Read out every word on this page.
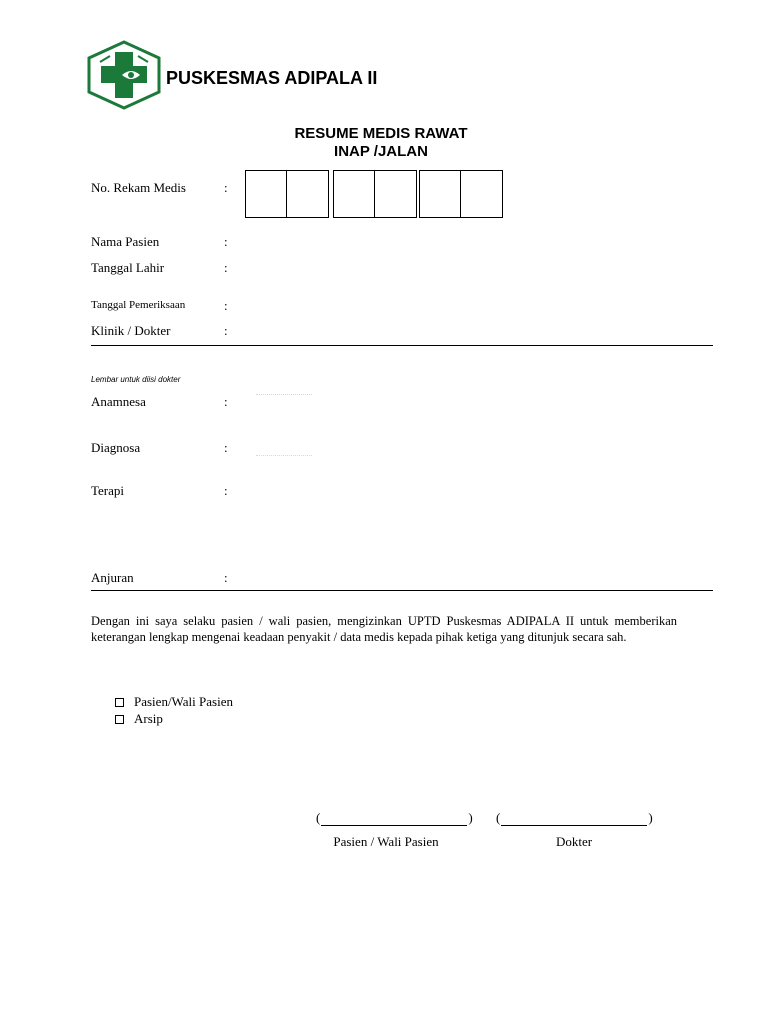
PUSKESMAS ADIPALA II
RESUME MEDIS RAWAT
INAP /JALAN
No. Rekam Medis	:
Nama Pasien	:
Tanggal Lahir	:
Tanggal Pemeriksaan	:
Klinik / Dokter	:
Lembar untuk diisi dokter
Anamnesa	:
Diagnosa	:
Terapi	:
Anjuran	:
Dengan ini saya selaku pasien / wali pasien, mengizinkan UPTD Puskesmas ADIPALA II untuk memberikan keterangan lengkap mengenai keadaan penyakit / data medis kepada pihak ketiga yang ditunjuk secara sah.
Pasien/Wali Pasien
Arsip
(	) (	)
Pasien / Wali Pasien	Dokter
